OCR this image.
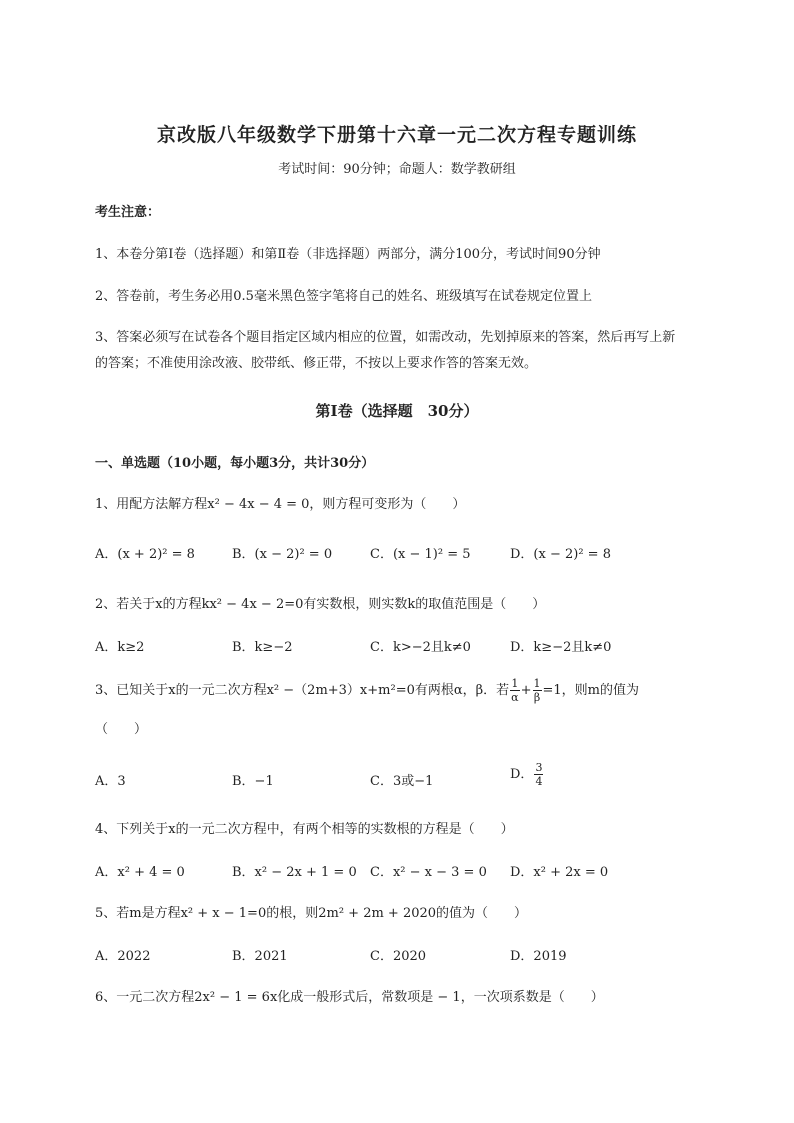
京改版八年级数学下册第十六章一元二次方程专题训练
考试时间：90分钟；命题人：数学教研组
考生注意：
1、本卷分第I卷（选择题）和第Ⅱ卷（非选择题）两部分，满分100分，考试时间90分钟
2、答卷前，考生务必用0.5毫米黑色签字笔将自己的姓名、班级填写在试卷规定位置上
3、答案必须写在试卷各个题目指定区域内相应的位置，如需改动，先划掉原来的答案，然后再写上新
的答案；不准使用涂改液、胶带纸、修正带，不按以上要求作答的答案无效。
第I卷（选择题　30分）
一、单选题（10小题，每小题3分，共计30分）
1、用配方法解方程x² − 4x − 4 = 0，则方程可变形为（　　）
A．(x + 2)² = 8	B．(x − 2)² = 0	C．(x − 1)² = 5	D．(x − 2)² = 8
2、若关于x的方程kx² − 4x − 2=0有实数根，则实数k的取值范围是（　　）
A．k≥2	B．k≥−2	C．k>−2且k≠0	D．k≥−2且k≠0
3、已知关于x的一元二次方程x² −（2m+3）x+m²=0有两根α，β．若 $\frac{1}{\alpha} + \frac{1}{\beta} =1$，则m的值为
（　　）
A．3	B．−1	C．3或−1	D． $\frac{3}{4}$
4、下列关于x的一元二次方程中，有两个相等的实数根的方程是（　　）
A．x² + 4 = 0	B．x² − 2x + 1 = 0 C．x² − x − 3 = 0 D．x² + 2x = 0
5、若m是方程x² + x − 1=0的根，则2m² + 2m + 2020的值为（　　）
A．2022	B．2021	C．2020	D．2019
6、一元二次方程2x² − 1 = 6x化成一般形式后，常数项是 − 1，一次项系数是（　　）
